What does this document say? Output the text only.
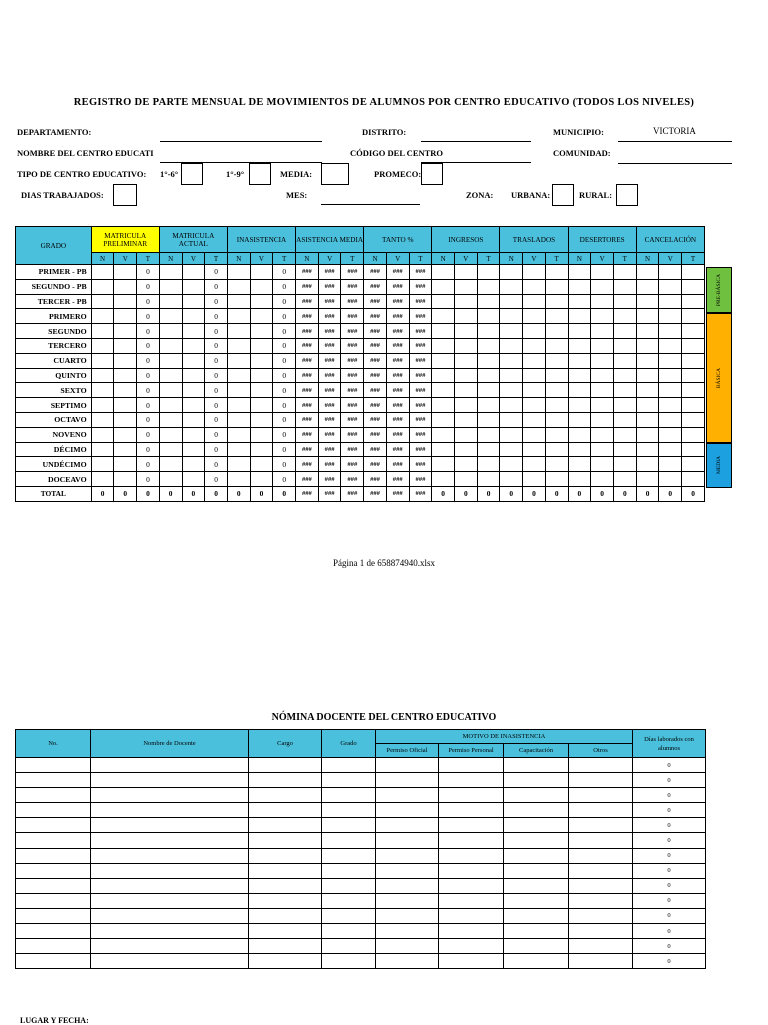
REGISTRO DE PARTE MENSUAL DE MOVIMIENTOS DE ALUMNOS POR CENTRO EDUCATIVO (TODOS LOS NIVELES)
DEPARTAMENTO:	DISTRITO:	MUNICIPIO:	VICTORIA
NOMBRE DEL CENTRO EDUCATI	CÓDIGO DEL CENTRO	COMUNIDAD:
TIPO DE CENTRO EDUCATIVO: 1°-6°	1°-9°	MEDIA:	PROMECO:
DIAS TRABAJADOS:	MES:	ZONA: URBANA:	RURAL:
GRADO	MATRICULA PRELIMINAR			MATRICULA ACTUAL			INASISTENCIA			ASISTENCIA MEDIA			TANTO %			INGRESOS			TRASLADOS			DESERTORES			CANCELACIÓN		
	N	V	T	N	V	T	N	V	T	N	V	T	N	V	T	N	V	T	N	V	T	N	V	T	N	V	T
PRIMER - PB			0			0			0	###	###	###	###	###	###												
SEGUNDO - PB			0			0			0	###	###	###	###	###	###												
TERCER - PB			0			0			0	###	###	###	###	###	###												
PRIMERO			0			0			0	###	###	###	###	###	###												
SEGUNDO			0			0			0	###	###	###	###	###	###												
TERCERO			0			0			0	###	###	###	###	###	###												
CUARTO			0			0			0	###	###	###	###	###	###												
QUINTO			0			0			0	###	###	###	###	###	###												
SEXTO			0			0			0	###	###	###	###	###	###												
SEPTIMO			0			0			0	###	###	###	###	###	###												
OCTAVO			0			0			0	###	###	###	###	###	###												
NOVENO			0			0			0	###	###	###	###	###	###												
DÉCIMO			0			0			0	###	###	###	###	###	###												
UNDÉCIMO			0			0			0	###	###	###	###	###	###												
DOCEAVO			0			0			0	###	###	###	###	###	###												
TOTAL	0	0	0	0	0	0	0	0	0	###	###	###	###	###	###	0	0	0	0	0	0	0	0	0	0	0	0
PRE-BÁSICA
BÁSICA
MEDIA
Página 1 de 658874940.xlsx
NÓMINA DOCENTE DEL CENTRO EDUCATIVO
No.	Nombre de Docente	Cargo	Grado	MOTIVO DE INASISTENCIA				Días laborados con alumnos
				Permiso Oficial	Permiso Personal	Capacitación	Otros	
								0
								0
								0
								0
								0
								0
								0
								0
								0
								0
								0
								0
								0
								0
LUGAR Y FECHA:
